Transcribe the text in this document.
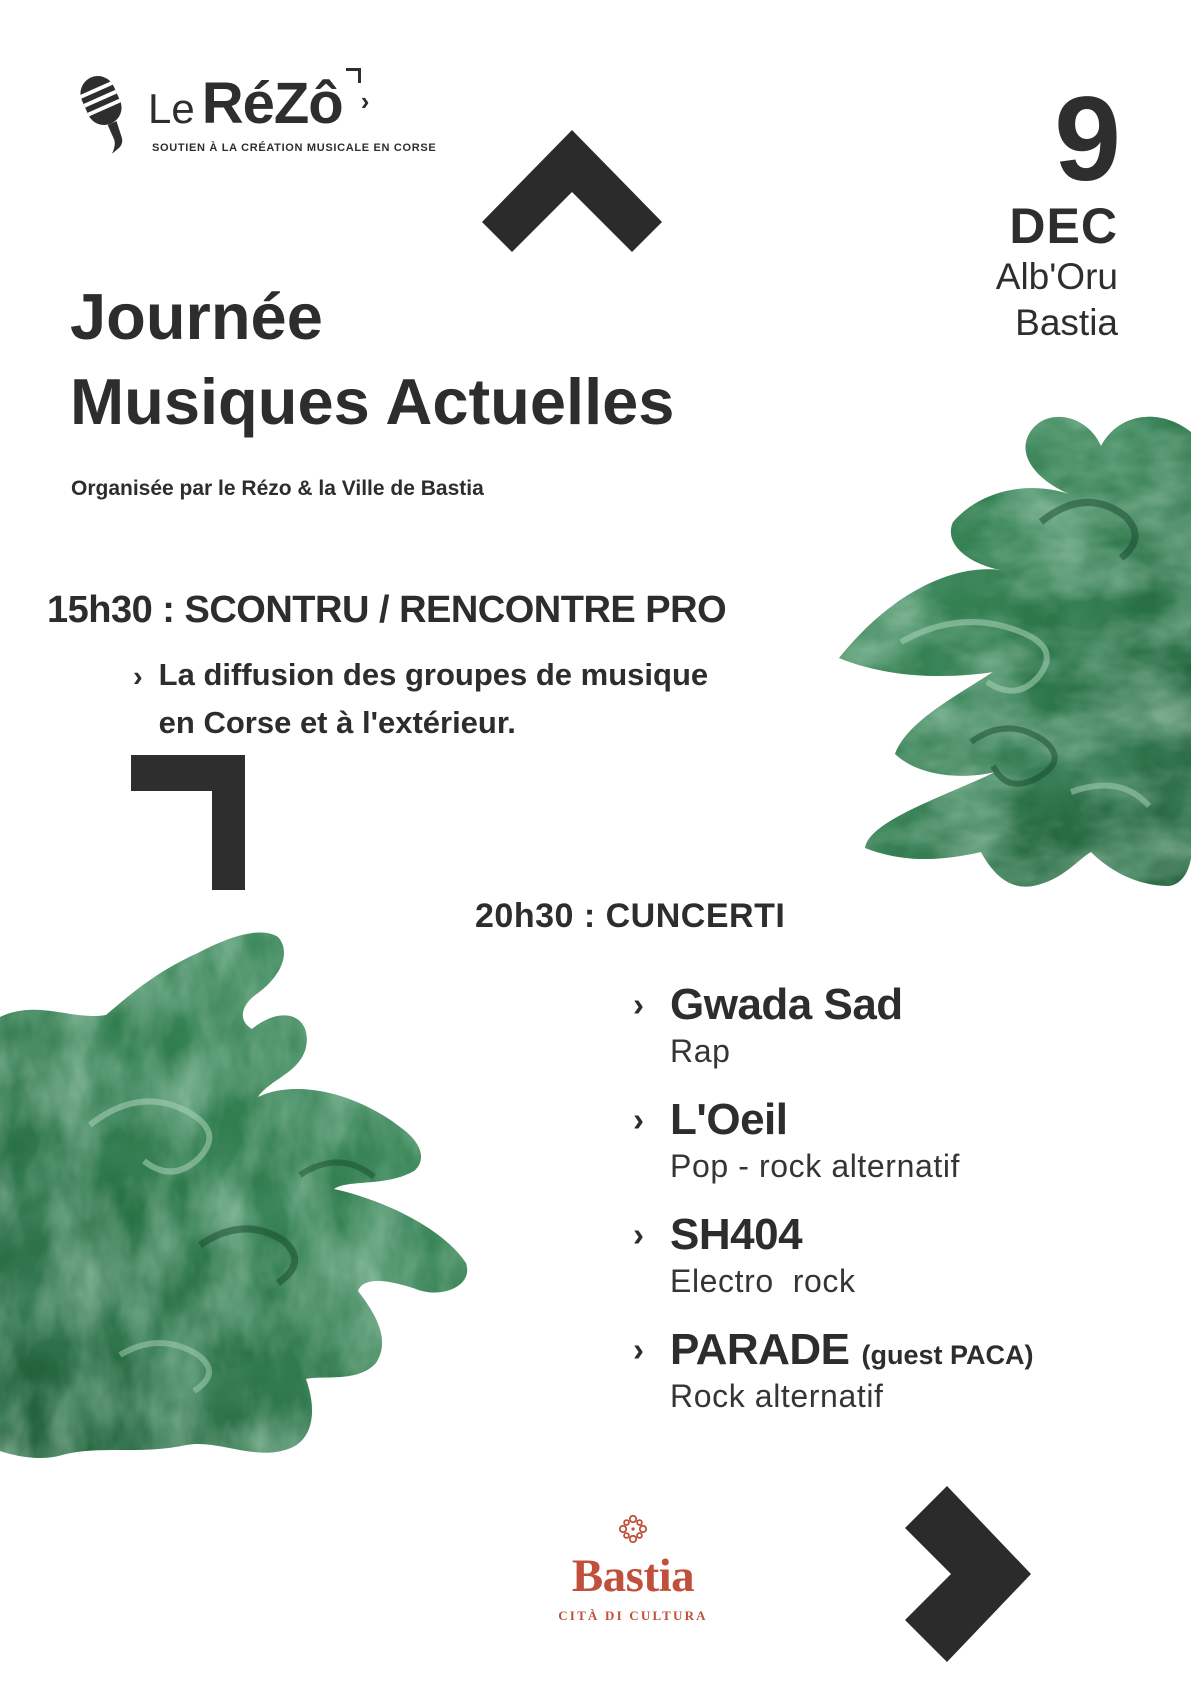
Le RéZô ›
SOUTIEN À LA CRÉATION MUSICALE EN CORSE	9
DEC
Alb'Oru
Bastia
Journée
Musiques Actuelles
Organisée par le Rézo & la Ville de Bastia
15h30 : SCONTRU / RENCONTRE PRO
› La diffusion des groupes de musique
en Corse et à l'extérieur.
20h30 : CUNCERTI
› Gwada Sad
Rap
› L'Oeil
Pop - rock alternatif
› SH404
Electro  rock
› PARADE (guest PACA)
Rock alternatif
Bastia
CITÀ DI CULTURA
